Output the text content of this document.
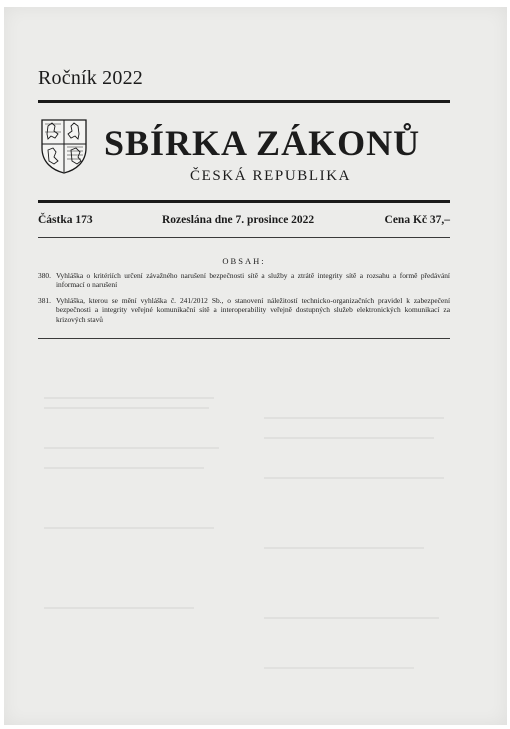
Ročník 2022
SBÍRKA ZÁKONŮ
ČESKÁ REPUBLIKA
Částka 173	Rozeslána dne 7. prosince 2022	Cena Kč 37,–
OBSAH:
380. Vyhláška o kritériích určení závažného narušení bezpečnosti sítě a služby a ztrátě integrity sítě a rozsahu a formě předávání informací o narušení
381. Vyhláška, kterou se mění vyhláška č. 241/2012 Sb., o stanovení náležitostí technicko-organizačních pravidel k zabezpečení bezpečnosti a integrity veřejné komunikační sítě a interoperability veřejně dostupných služeb elektronických komunikací za krizových stavů
